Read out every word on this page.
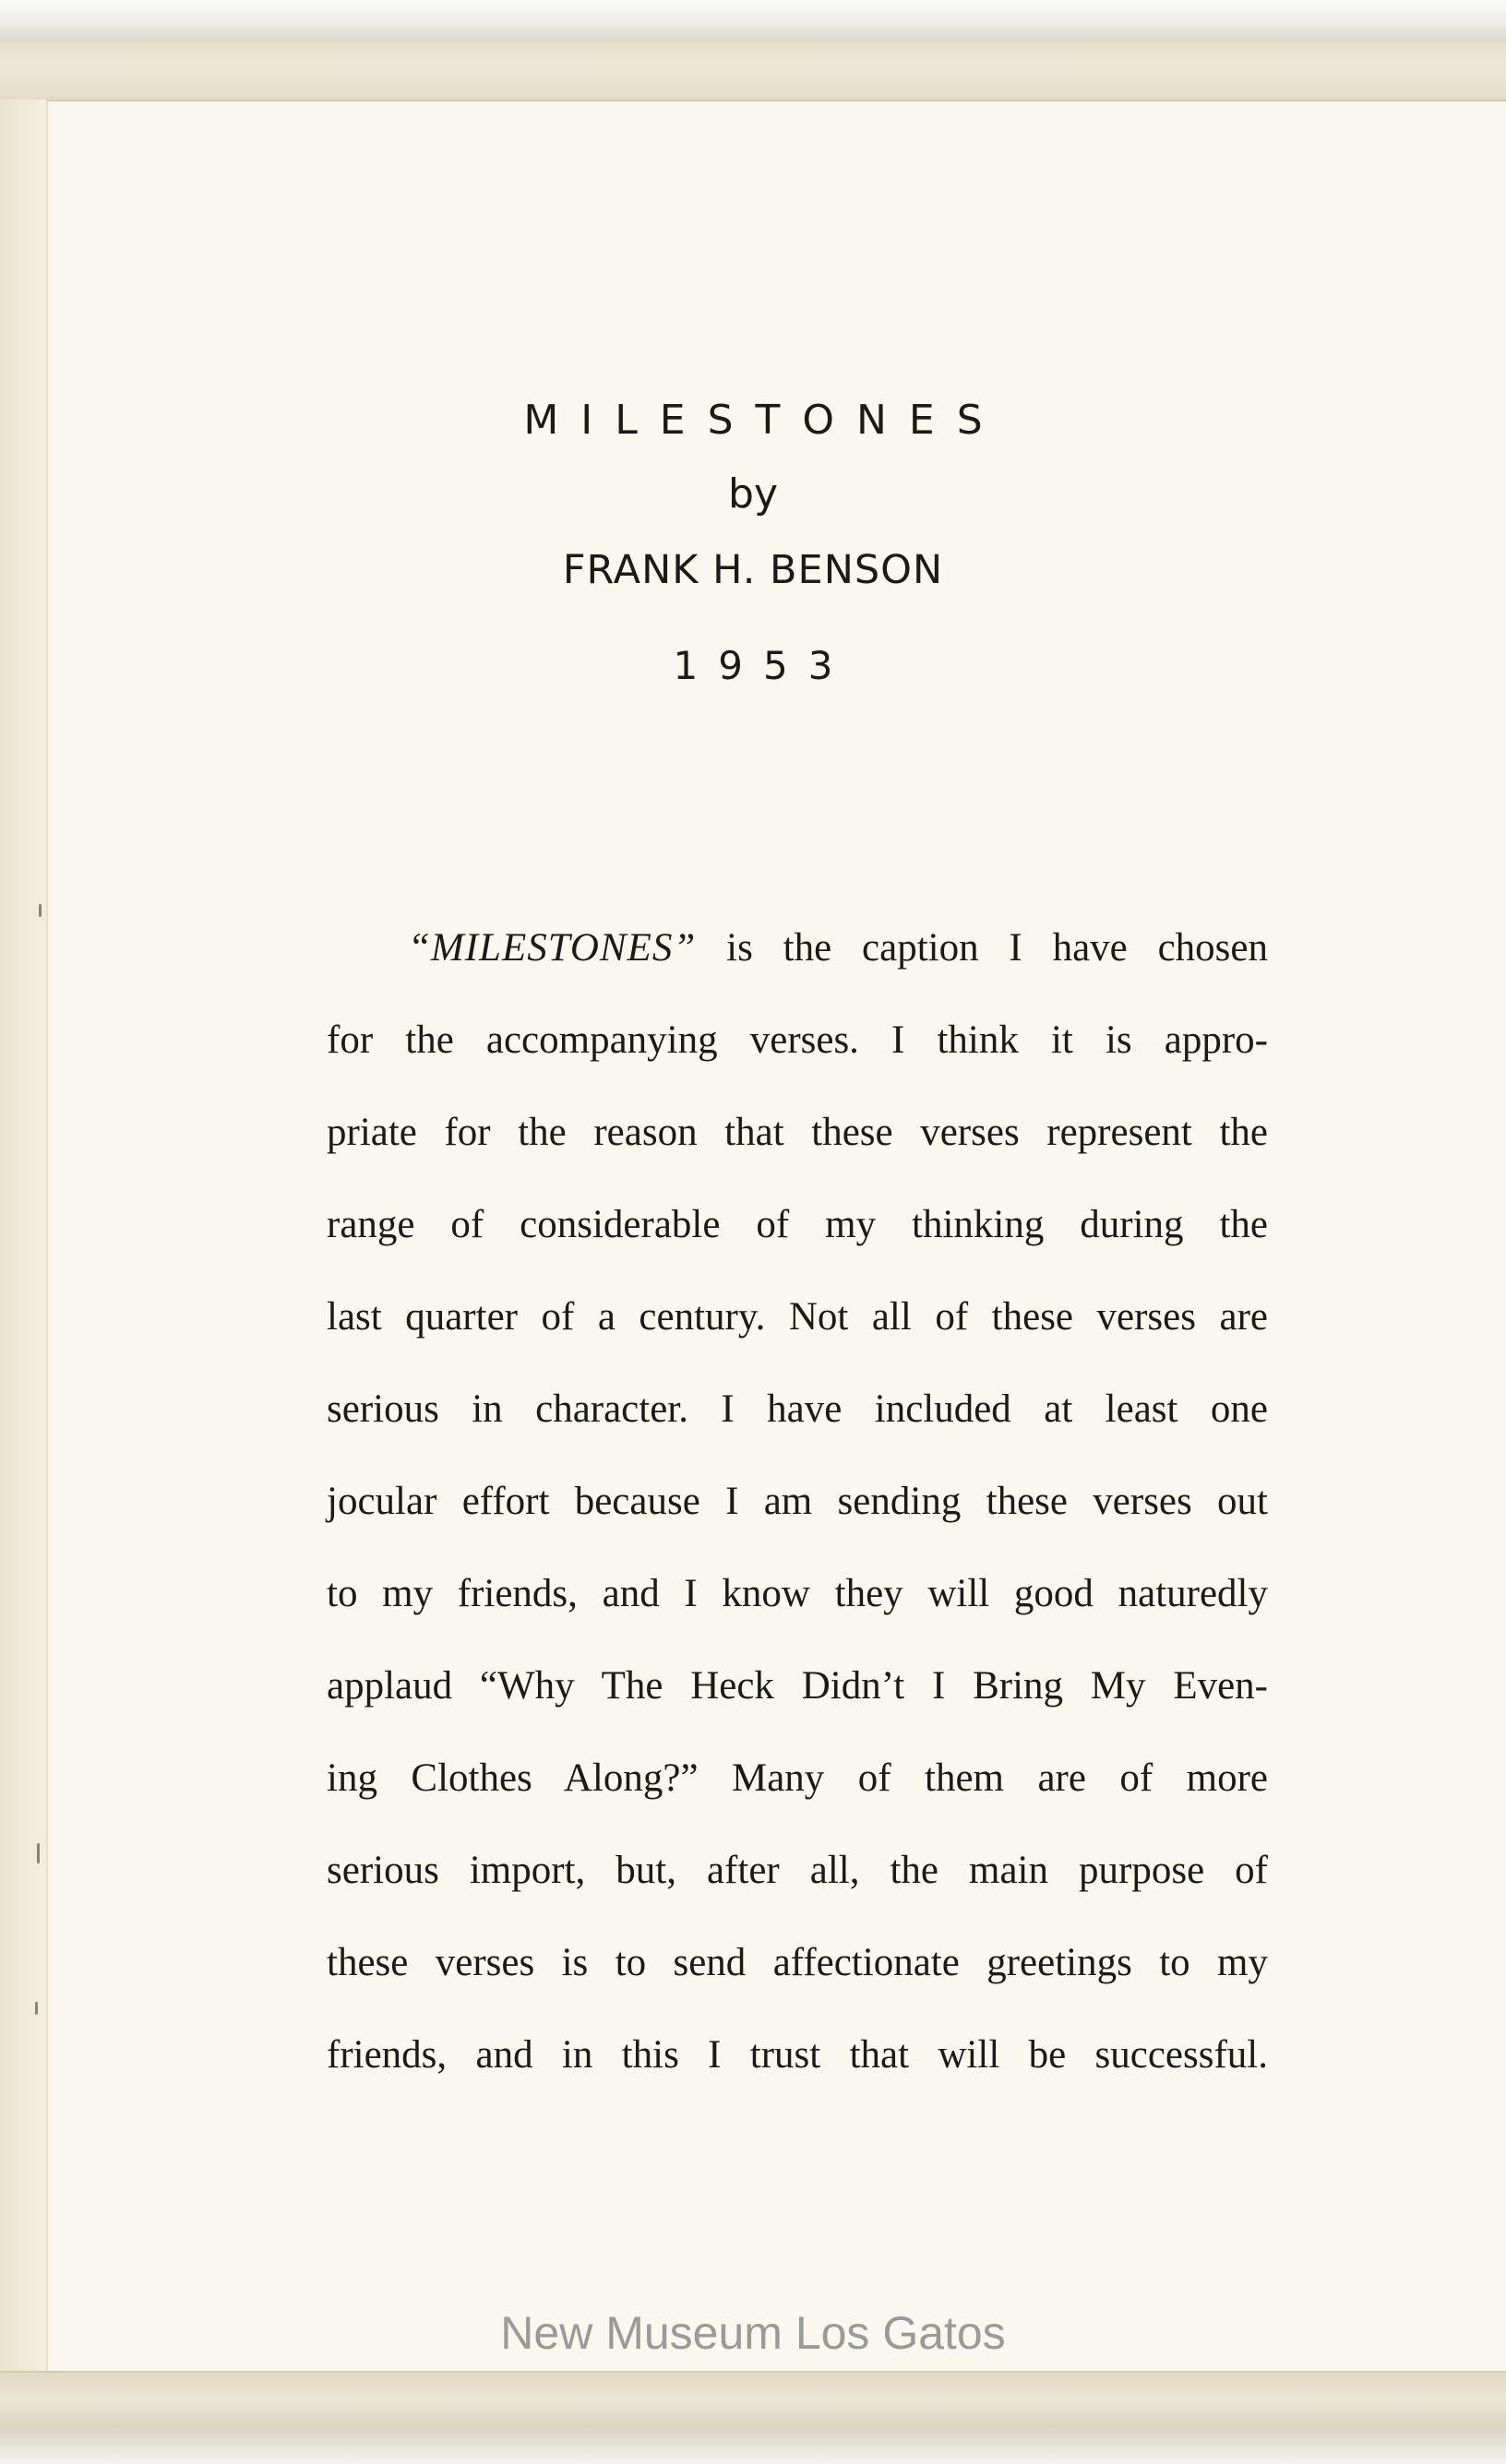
MILESTONES
by
FRANK H. BENSON
1953
“MILESTONES” is the caption I have chosen
for the accompanying verses. I think it is appro-
priate for the reason that these verses represent the
range of considerable of my thinking during the
last quarter of a century. Not all of these verses are
serious in character. I have included at least one
jocular effort because I am sending these verses out
to my friends, and I know they will good naturedly
applaud “Why The Heck Didn’t I Bring My Even-
ing Clothes Along?” Many of them are of more
serious import, but, after all, the main purpose of
these verses is to send affectionate greetings to my
friends, and in this I trust that will be successful.
New Museum Los Gatos
